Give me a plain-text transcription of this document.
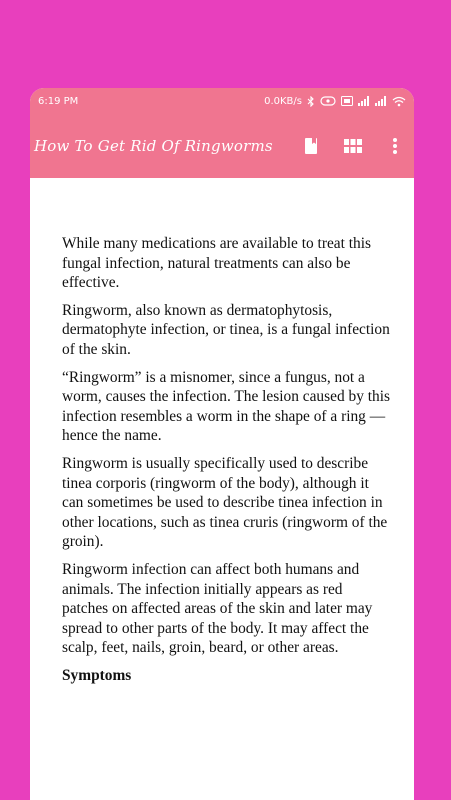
6:19 PM	0.0KB/s
How To Get Rid Of Ringworms

While many medications are available to treat this fungal infection, natural treatments can also be effective.

Ringworm, also known as dermatophytosis, dermatophyte infection, or tinea, is a fungal infection of the skin.

“Ringworm” is a misnomer, since a fungus, not a worm, causes the infection. The lesion caused by this infection resembles a worm in the shape of a ring — hence the name.

Ringworm is usually specifically used to describe tinea corporis (ringworm of the body), although it can sometimes be used to describe tinea infection in other locations, such as tinea cruris (ringworm of the groin).

Ringworm infection can affect both humans and animals. The infection initially appears as red patches on affected areas of the skin and later may spread to other parts of the body. It may affect the scalp, feet, nails, groin, beard, or other areas.

Symptoms
